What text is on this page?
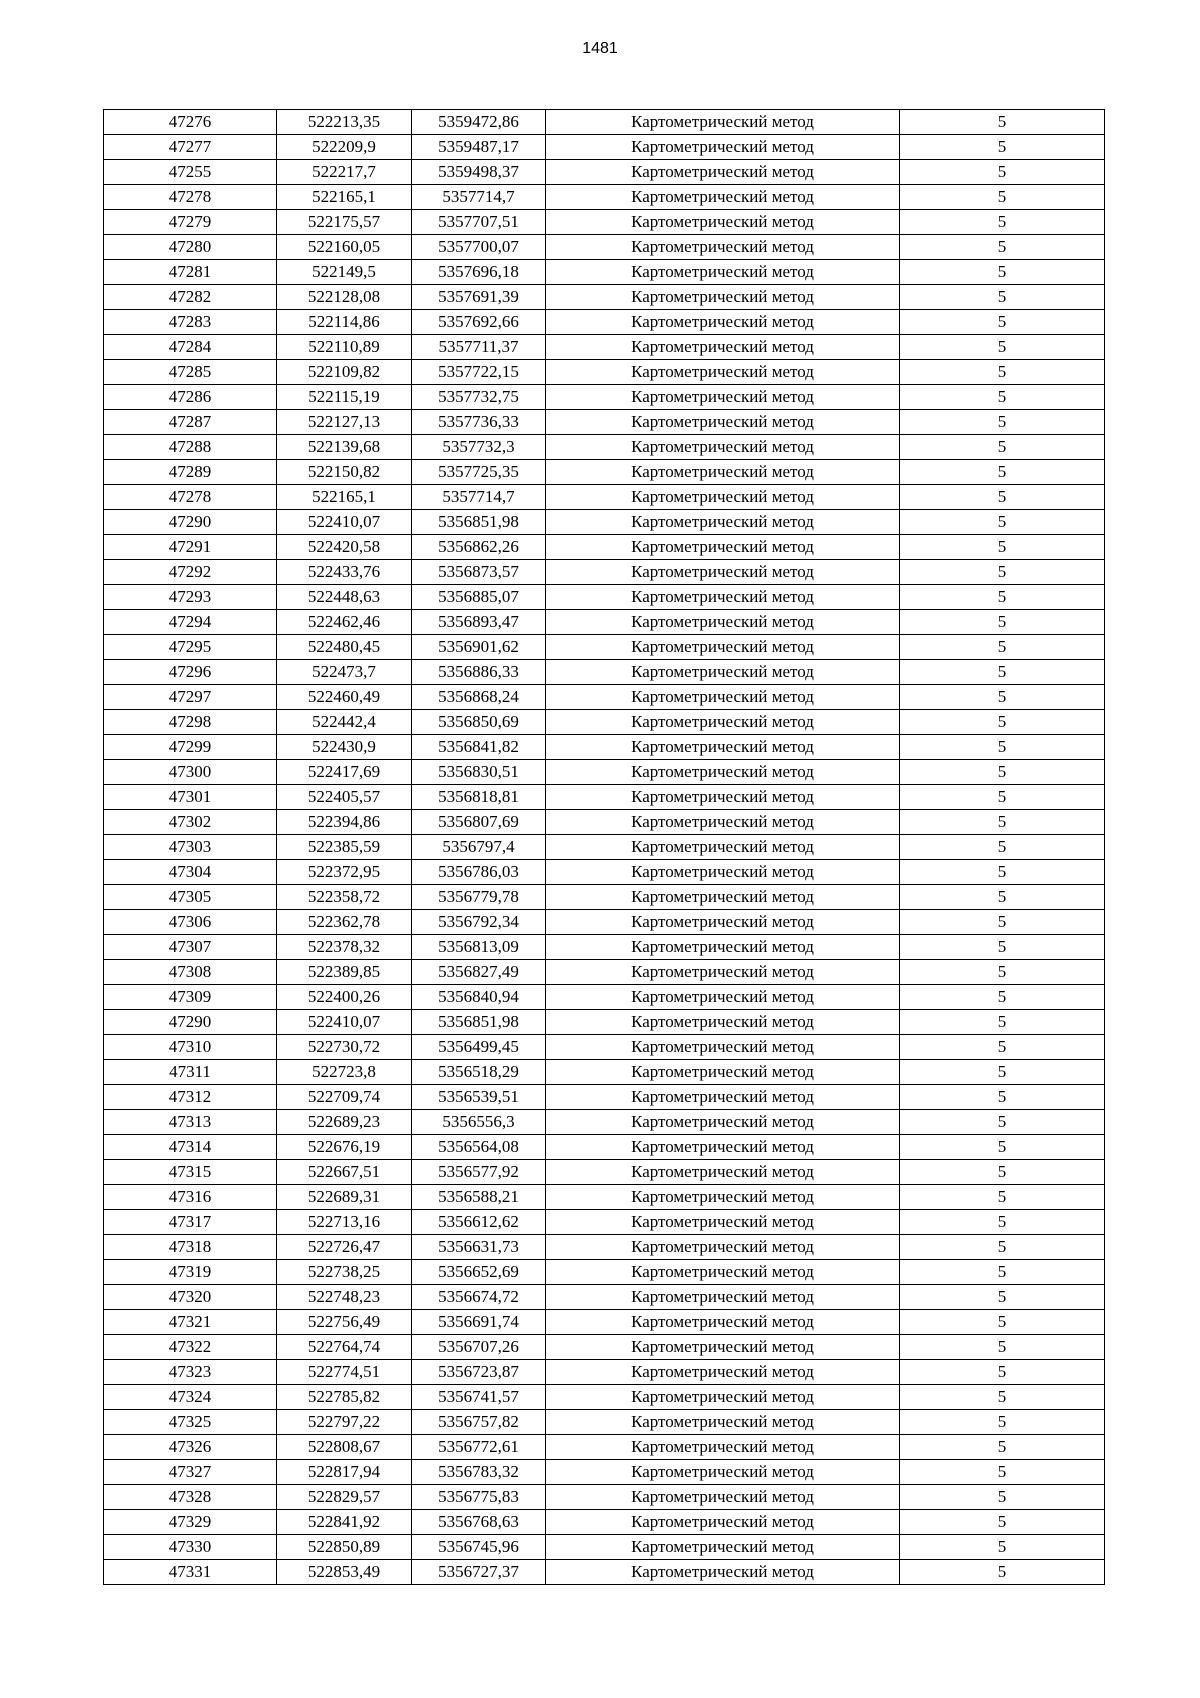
1481
47276	522213,35	5359472,86	Картометрический метод	5
47277	522209,9	5359487,17	Картометрический метод	5
47255	522217,7	5359498,37	Картометрический метод	5
47278	522165,1	5357714,7	Картометрический метод	5
47279	522175,57	5357707,51	Картометрический метод	5
47280	522160,05	5357700,07	Картометрический метод	5
47281	522149,5	5357696,18	Картометрический метод	5
47282	522128,08	5357691,39	Картометрический метод	5
47283	522114,86	5357692,66	Картометрический метод	5
47284	522110,89	5357711,37	Картометрический метод	5
47285	522109,82	5357722,15	Картометрический метод	5
47286	522115,19	5357732,75	Картометрический метод	5
47287	522127,13	5357736,33	Картометрический метод	5
47288	522139,68	5357732,3	Картометрический метод	5
47289	522150,82	5357725,35	Картометрический метод	5
47278	522165,1	5357714,7	Картометрический метод	5
47290	522410,07	5356851,98	Картометрический метод	5
47291	522420,58	5356862,26	Картометрический метод	5
47292	522433,76	5356873,57	Картометрический метод	5
47293	522448,63	5356885,07	Картометрический метод	5
47294	522462,46	5356893,47	Картометрический метод	5
47295	522480,45	5356901,62	Картометрический метод	5
47296	522473,7	5356886,33	Картометрический метод	5
47297	522460,49	5356868,24	Картометрический метод	5
47298	522442,4	5356850,69	Картометрический метод	5
47299	522430,9	5356841,82	Картометрический метод	5
47300	522417,69	5356830,51	Картометрический метод	5
47301	522405,57	5356818,81	Картометрический метод	5
47302	522394,86	5356807,69	Картометрический метод	5
47303	522385,59	5356797,4	Картометрический метод	5
47304	522372,95	5356786,03	Картометрический метод	5
47305	522358,72	5356779,78	Картометрический метод	5
47306	522362,78	5356792,34	Картометрический метод	5
47307	522378,32	5356813,09	Картометрический метод	5
47308	522389,85	5356827,49	Картометрический метод	5
47309	522400,26	5356840,94	Картометрический метод	5
47290	522410,07	5356851,98	Картометрический метод	5
47310	522730,72	5356499,45	Картометрический метод	5
47311	522723,8	5356518,29	Картометрический метод	5
47312	522709,74	5356539,51	Картометрический метод	5
47313	522689,23	5356556,3	Картометрический метод	5
47314	522676,19	5356564,08	Картометрический метод	5
47315	522667,51	5356577,92	Картометрический метод	5
47316	522689,31	5356588,21	Картометрический метод	5
47317	522713,16	5356612,62	Картометрический метод	5
47318	522726,47	5356631,73	Картометрический метод	5
47319	522738,25	5356652,69	Картометрический метод	5
47320	522748,23	5356674,72	Картометрический метод	5
47321	522756,49	5356691,74	Картометрический метод	5
47322	522764,74	5356707,26	Картометрический метод	5
47323	522774,51	5356723,87	Картометрический метод	5
47324	522785,82	5356741,57	Картометрический метод	5
47325	522797,22	5356757,82	Картометрический метод	5
47326	522808,67	5356772,61	Картометрический метод	5
47327	522817,94	5356783,32	Картометрический метод	5
47328	522829,57	5356775,83	Картометрический метод	5
47329	522841,92	5356768,63	Картометрический метод	5
47330	522850,89	5356745,96	Картометрический метод	5
47331	522853,49	5356727,37	Картометрический метод	5
